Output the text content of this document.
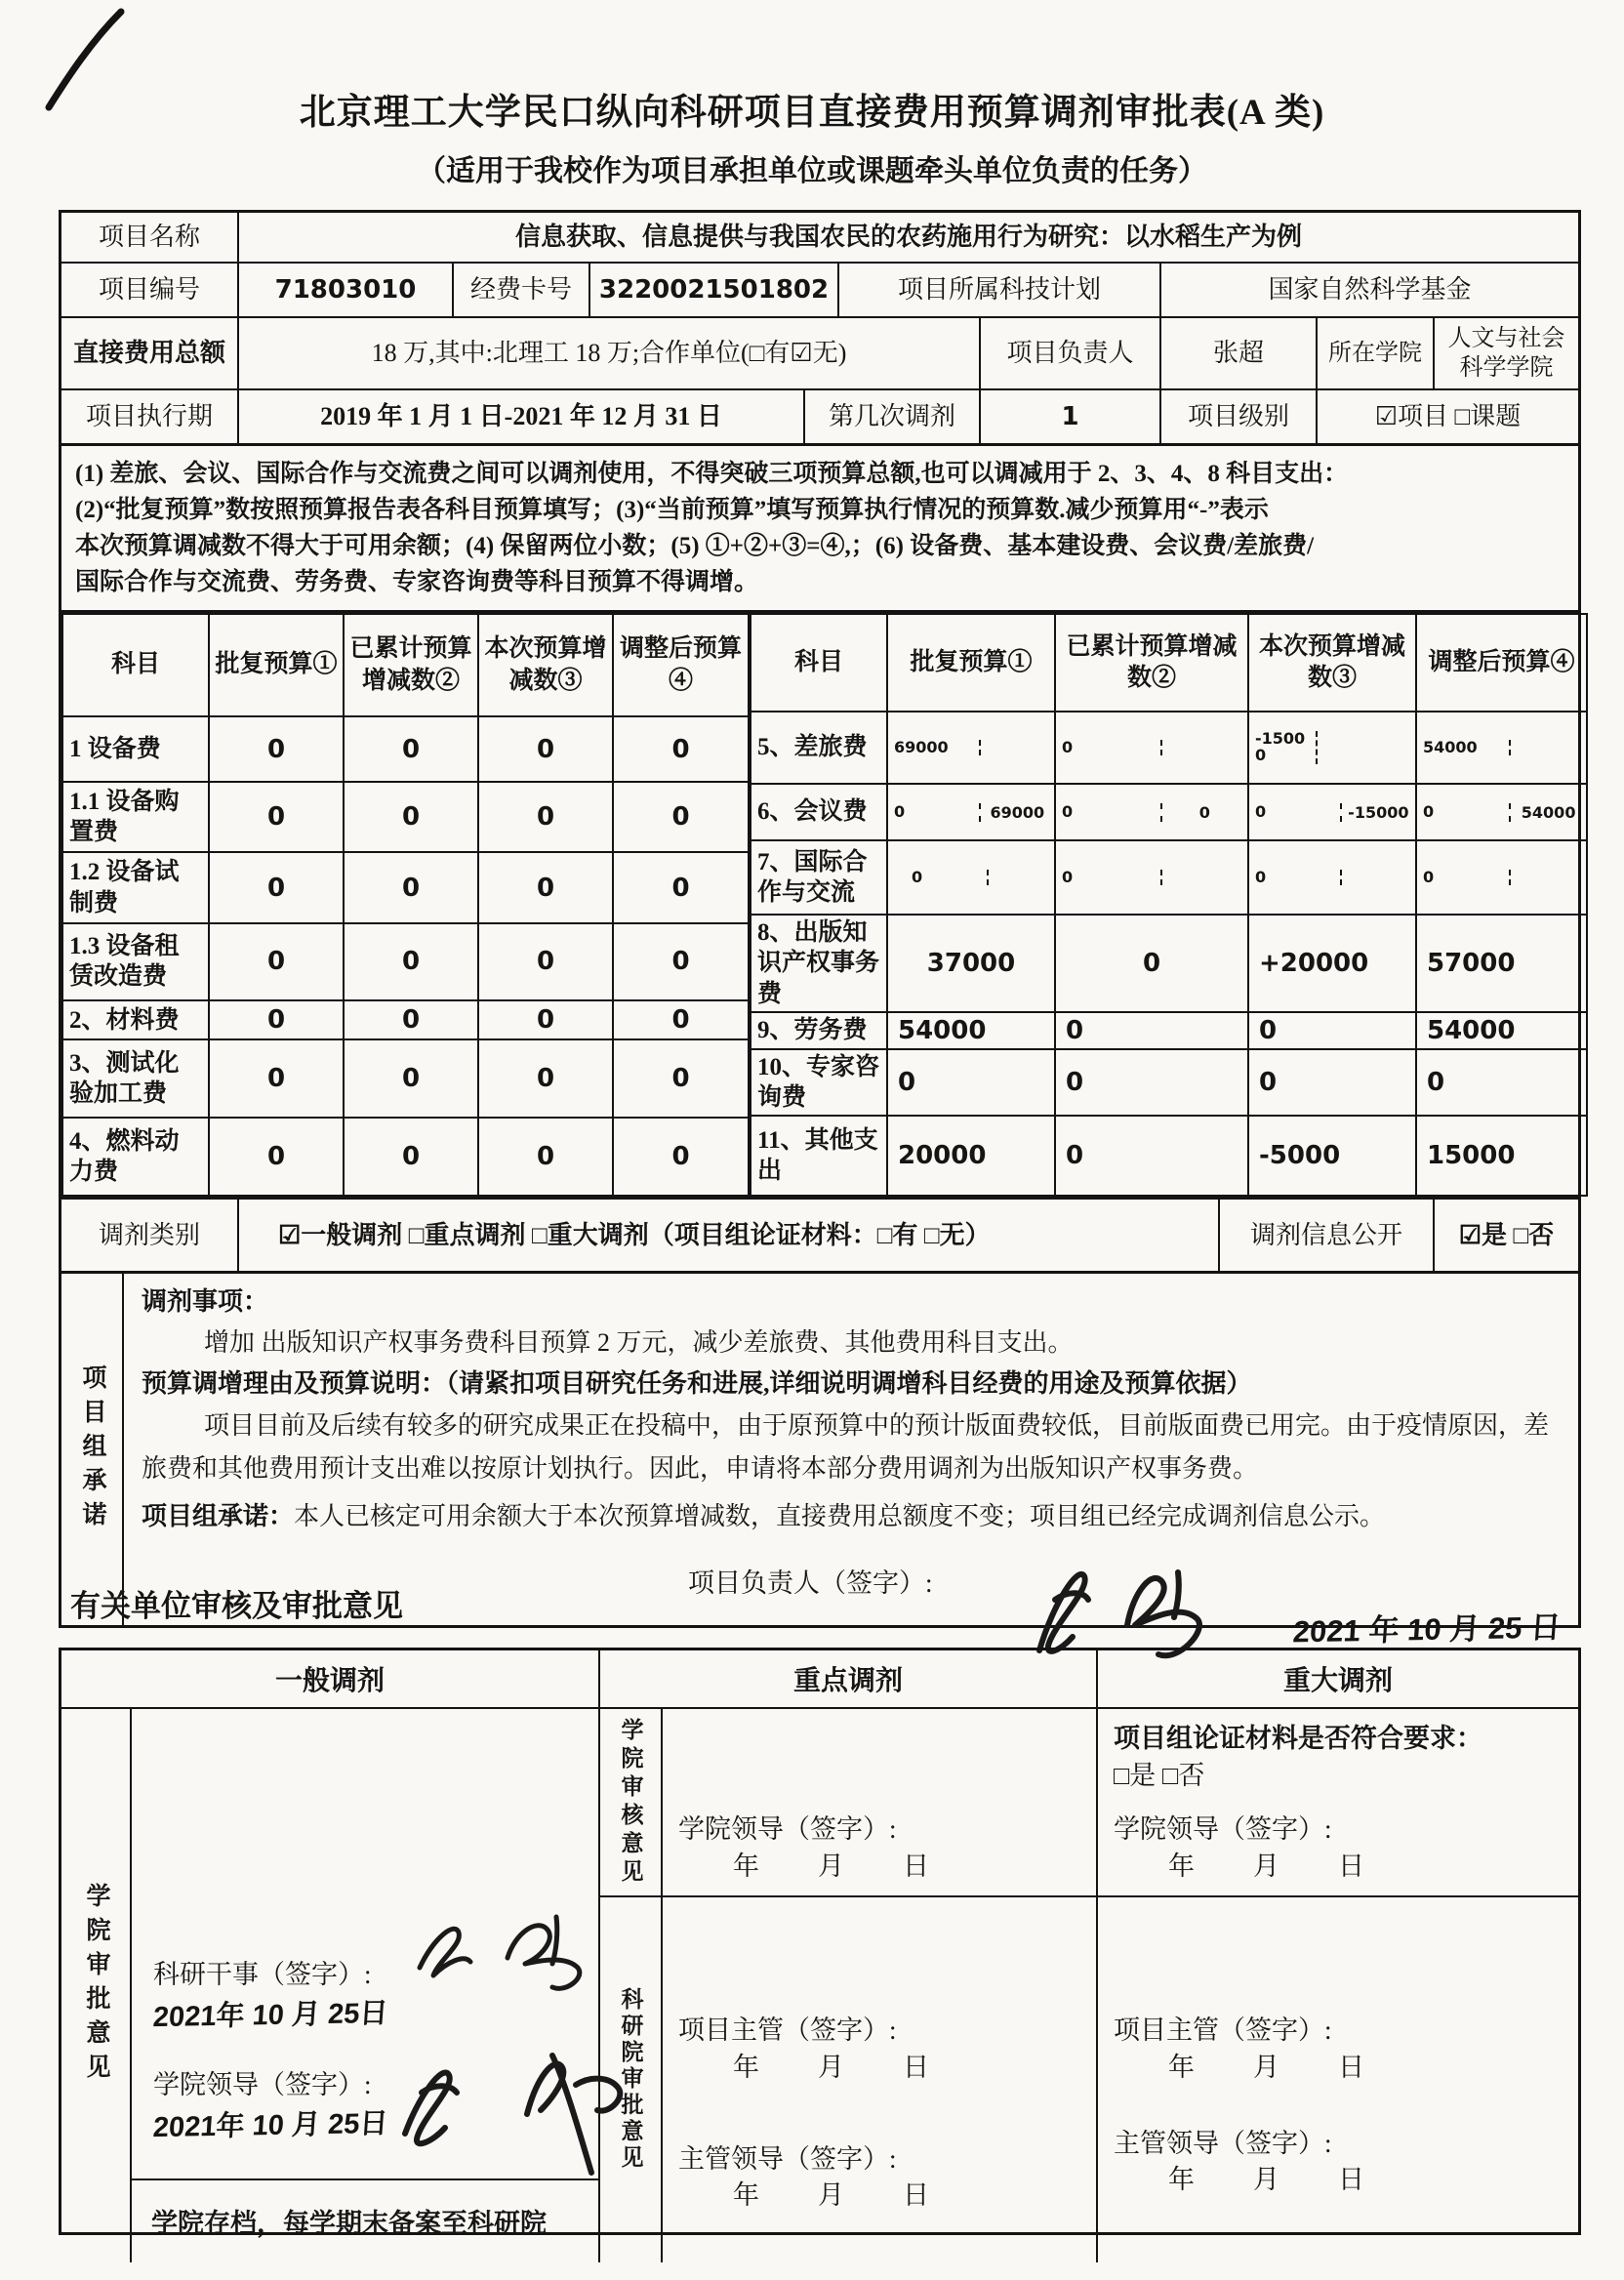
北京理工大学民口纵向科研项目直接费用预算调剂审批表(A 类)
（适用于我校作为项目承担单位或课题牵头单位负责的任务）
项目名称	信息获取、信息提供与我国农民的农药施用行为研究：以水稻生产为例
项目编号	71803010	经费卡号	3220021501802	项目所属科技计划	国家自然科学基金
直接费用总额	18 万,其中:北理工 18 万;合作单位(□有☑无)	项目负责人	张超	所在学院
人文与社会科学学院
项目执行期	2019 年 1 月 1 日-2021 年 12 月 31 日	第几次调剂	1	项目级别	☑项目 □课题
(1) 差旅、会议、国际合作与交流费之间可以调剂使用，不得突破三项预算总额,也可以调减用于 2、3、4、8 科目支出：
(2)“批复预算”数按照预算报告表各科目预算填写；(3)“当前预算”填写预算执行情况的预算数.减少预算用“-”表示
本次预算调减数不得大于可用余额；(4) 保留两位小数；(5) ①+②+③=④,；(6) 设备费、基本建设费、会议费/差旅费/
国际合作与交流费、劳务费、专家咨询费等科目预算不得调增。
科目	批复预算①	已累计预算增减数②	本次预算增减数③	调整后预算④
1 设备费	0	0	0	0
1.1 设备购置费	0	0	0	0
1.2 设备试制费	0	0	0	0
1.3 设备租赁改造费	0	0	0	0
2、材料费	0	0	0	0
3、测试化验加工费	0	0	0	0
4、燃料动力费	0	0	0	0
科目	批复预算①	已累计预算增减数②	本次预算增减数③	调整后预算④
5、差旅费	69000	0	-15000	54000

6、会议费	0 69000	0 0	0 -15000	0 54000

7、国际合作与交流	0	0	0	0

8、出版知识产权事务费	37000	0	+20000	57000
9、劳务费	54000	0	0	54000
10、专家咨询费	0	0	0	0
11、其他支出	20000	0	-5000	15000
调剂类别	☑一般调剂 □重点调剂 □重大调剂（项目组论证材料：□有 □无）	调剂信息公开	☑是 □否
项目组承诺
调剂事项：
增加 出版知识产权事务费科目预算 2 万元，减少差旅费、其他费用科目支出。
预算调增理由及预算说明：（请紧扣项目研究任务和进展,详细说明调增科目经费的用途及预算依据）
项目目前及后续有较多的研究成果正在投稿中，由于原预算中的预计版面费较低，目前版面费已用完。由于疫情原因，差旅费和其他费用预计支出难以按原计划执行。因此，申请将本部分费用调剂为出版知识产权事务费。
项目组承诺：本人已核定可用余额大于本次预算增减数，直接费用总额度不变；项目组已经完成调剂信息公示。
项目负责人（签字）:
2021 年 10 月 25 日
有关单位审核及审批意见
一般调剂	重点调剂	重大调剂
学院审批意见	科研干事（签字）:
2021年 10 月 25日
学院领导（签字）:
2021年 10 月 25日
学院存档，每学期末备案至科研院
学院审核意见	学院领导（签字）:
年　　月　　日
科研院审批意见	项目主管（签字）:
年　　月　　日
主管领导（签字）:
年　　月　　日
项目组论证材料是否符合要求：
□是 □否
学院领导（签字）:
年　　月　　日
项目主管（签字）:
年　　月　　日
主管领导（签字）:
年　　月　　日
